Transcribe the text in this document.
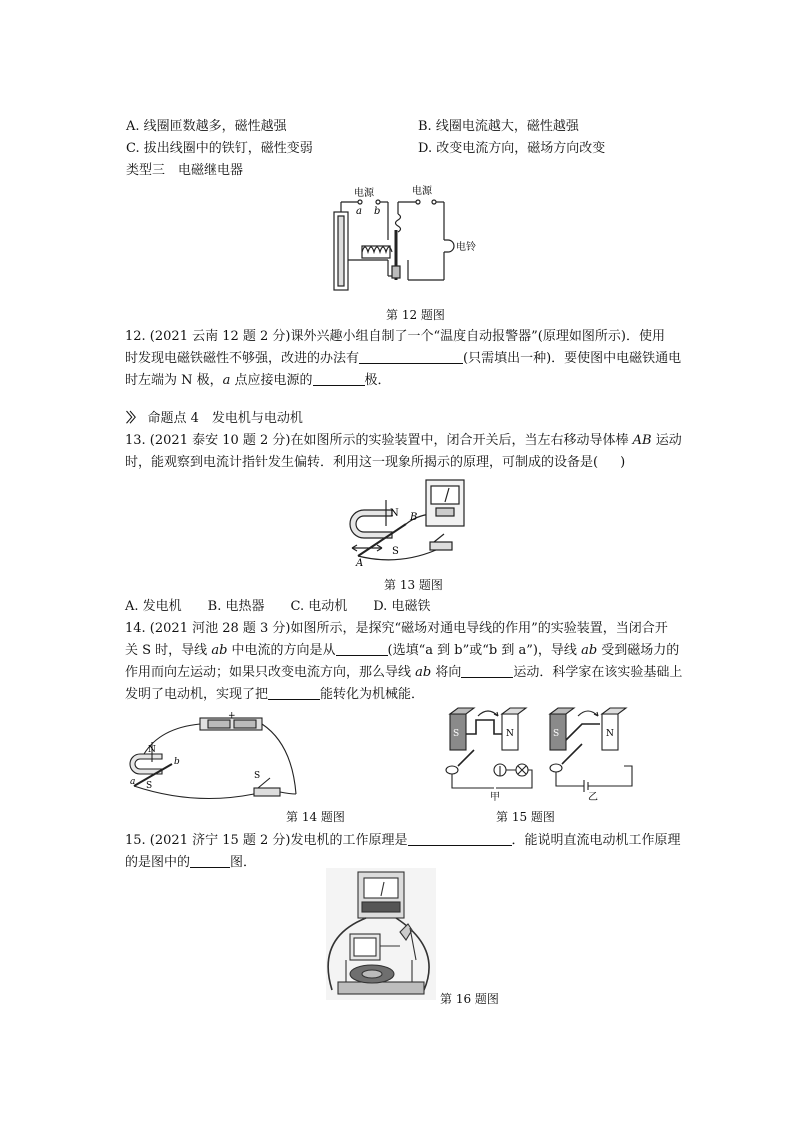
A. 线圈匝数越多，磁性越强	B. 线圈电流越大，磁性越强
C. 拔出线圈中的铁钉，磁性变弱	D. 改变电流方向，磁场方向改变
类型三　电磁继电器
电源
a b
电源
电铃
第 12 题图
12. (2021 云南 12 题 2 分)课外兴趣小组自制了一个“温度自动报警器”(原理如图所示)．使用
时发现电磁铁磁性不够强，改进的办法有	(只需填出一种)．要使图中电磁铁通电
时左端为 N 极，a 点应接电源的	极．
〉〉 命题点 4　发电机与电动机
13. (2021 泰安 10 题 2 分)在如图所示的实验装置中，闭合开关后，当左右移动导体棒 AB 运动
时，能观察到电流计指针发生偏转．利用这一现象所揭示的原理，可制成的设备是( )
N
S
A
B
第 13 题图
A. 发电机　　B. 电热器　　C. 电动机　　D. 电磁铁
14. (2021 河池 28 题 3 分)如图所示，是探究“磁场对通电导线的作用”的实验装置，当闭合开
关 S 时，导线 ab 中电流的方向是从	(选填“a 到 b”或“b 到 a”)，导线 ab 受到磁场力的
作用而向左运动；如果只改变电流方向，那么导线 ab 将向	运动．科学家在该实验基础上
发明了电动机，实现了把	能转化为机械能．
+
N
S
b
a
S
第 14 题图
S	N	S	N
甲	乙
第 15 题图
15. (2021 济宁 15 题 2 分)发电机的工作原理是	．能说明直流电动机工作原理
的是图中的	图．
第 16 题图
